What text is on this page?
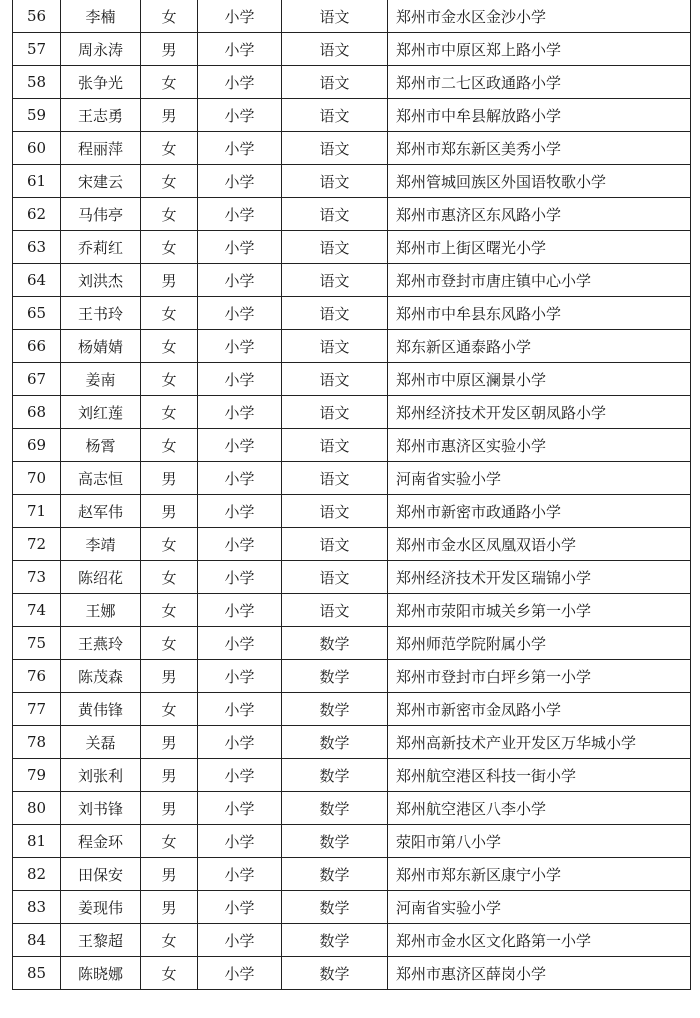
56	李楠	女	小学	语文	郑州市金水区金沙小学
57	周永涛	男	小学	语文	郑州市中原区郑上路小学
58	张争光	女	小学	语文	郑州市二七区政通路小学
59	王志勇	男	小学	语文	郑州市中牟县解放路小学
60	程丽萍	女	小学	语文	郑州市郑东新区美秀小学
61	宋建云	女	小学	语文	郑州管城回族区外国语牧歌小学
62	马伟亭	女	小学	语文	郑州市惠济区东风路小学
63	乔莉红	女	小学	语文	郑州市上街区曙光小学
64	刘洪杰	男	小学	语文	郑州市登封市唐庄镇中心小学
65	王书玲	女	小学	语文	郑州市中牟县东风路小学
66	杨婧婧	女	小学	语文	郑东新区通泰路小学
67	姜南	女	小学	语文	郑州市中原区澜景小学
68	刘红莲	女	小学	语文	郑州经济技术开发区朝凤路小学
69	杨霄	女	小学	语文	郑州市惠济区实验小学
70	高志恒	男	小学	语文	河南省实验小学
71	赵军伟	男	小学	语文	郑州市新密市政通路小学
72	李靖	女	小学	语文	郑州市金水区凤凰双语小学
73	陈绍花	女	小学	语文	郑州经济技术开发区瑞锦小学
74	王娜	女	小学	语文	郑州市荥阳市城关乡第一小学
75	王燕玲	女	小学	数学	郑州师范学院附属小学
76	陈茂森	男	小学	数学	郑州市登封市白坪乡第一小学
77	黄伟锋	女	小学	数学	郑州市新密市金凤路小学
78	关磊	男	小学	数学	郑州高新技术产业开发区万华城小学
79	刘张利	男	小学	数学	郑州航空港区科技一街小学
80	刘书锋	男	小学	数学	郑州航空港区八李小学
81	程金环	女	小学	数学	荥阳市第八小学
82	田保安	男	小学	数学	郑州市郑东新区康宁小学
83	姜现伟	男	小学	数学	河南省实验小学
84	王黎超	女	小学	数学	郑州市金水区文化路第一小学
85	陈晓娜	女	小学	数学	郑州市惠济区薛岗小学
